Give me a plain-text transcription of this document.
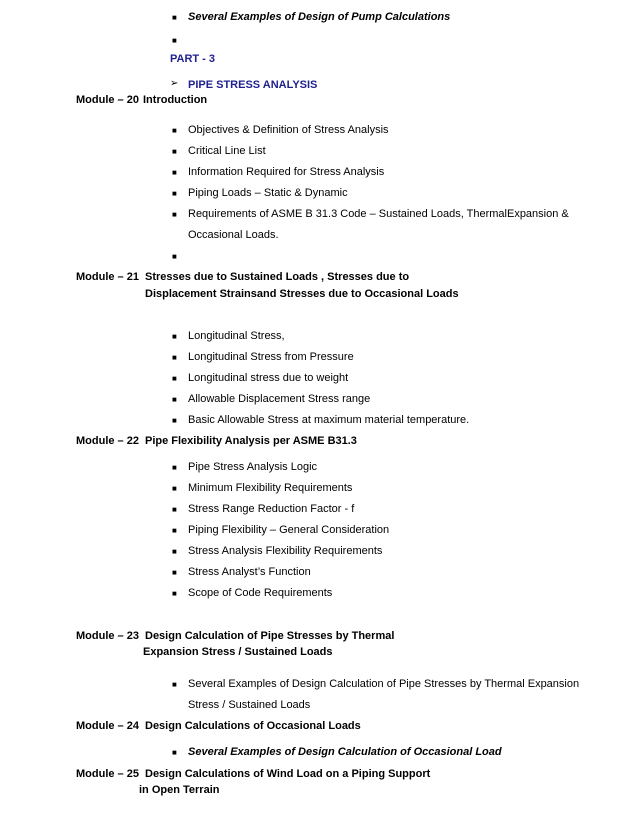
■ Several Examples of Design of Pump Calculations
■
PART - 3
➢ PIPE STRESS ANALYSIS
Module – 20 Introduction
■ Objectives & Definition of Stress Analysis
■ Critical Line List
■ Information Required for Stress Analysis
■ Piping Loads – Static & Dynamic
■ Requirements of ASME B 31.3 Code – Sustained Loads, ThermalExpansion &
Occasional Loads.
■
Module – 21 Stresses due to Sustained Loads , Stresses due to
Displacement Strainsand Stresses due to Occasional Loads
■ Longitudinal Stress,
■ Longitudinal Stress from Pressure
■ Longitudinal stress due to weight
■ Allowable Displacement Stress range
■ Basic Allowable Stress at maximum material temperature.
Module – 22 Pipe Flexibility Analysis per ASME B31.3
■ Pipe Stress Analysis Logic
■ Minimum Flexibility Requirements
■ Stress Range Reduction Factor - f
■ Piping Flexibility – General Consideration
■ Stress Analysis Flexibility Requirements
■ Stress Analyst’s Function
■ Scope of Code Requirements
Module – 23 Design Calculation of Pipe Stresses by Thermal
Expansion Stress / Sustained Loads
■ Several Examples of Design Calculation of Pipe Stresses by Thermal Expansion
Stress / Sustained Loads
Module – 24 Design Calculations of Occasional Loads
■ Several Examples of Design Calculation of Occasional Load
Module – 25 Design Calculations of Wind Load on a Piping Support
in Open Terrain
